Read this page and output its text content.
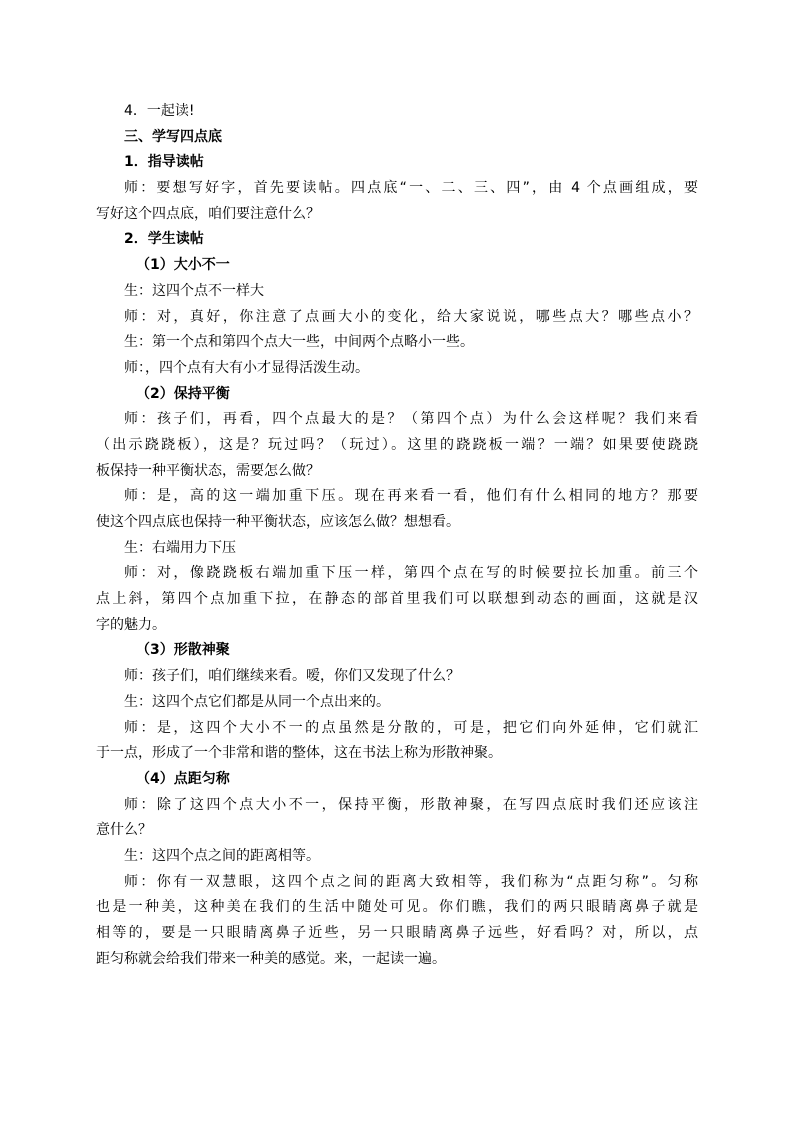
4．一起读!
三、学写四点底
1．指导读帖
师：要想写好字，首先要读帖。四点底“一、二、三、四”，由 4 个点画组成，要
写好这个四点底，咱们要注意什么？
2．学生读帖
（1）大小不一
生：这四个点不一样大
师：对，真好，你注意了点画大小的变化，给大家说说，哪些点大？哪些点小？
生：第一个点和第四个点大一些，中间两个点略小一些。
师：，四个点有大有小才显得活泼生动。
（2）保持平衡
师：孩子们，再看，四个点最大的是？（第四个点）为什么会这样呢？我们来看
（出示跷跷板），这是？玩过吗？（玩过）。这里的跷跷板一端？一端？如果要使跷跷
板保持一种平衡状态，需要怎么做？
师：是，高的这一端加重下压。现在再来看一看，他们有什么相同的地方？那要
使这个四点底也保持一种平衡状态，应该怎么做？想想看。
生：右端用力下压
师：对，像跷跷板右端加重下压一样，第四个点在写的时候要拉长加重。前三个
点上斜，第四个点加重下拉，在静态的部首里我们可以联想到动态的画面，这就是汉
字的魅力。
（3）形散神聚
师：孩子们，咱们继续来看。嗳，你们又发现了什么？
生：这四个点它们都是从同一个点出来的。
师：是，这四个大小不一的点虽然是分散的，可是，把它们向外延伸，它们就汇
于一点，形成了一个非常和谐的整体，这在书法上称为形散神聚。
（4）点距匀称
师：除了这四个点大小不一，保持平衡，形散神聚，在写四点底时我们还应该注
意什么？
生：这四个点之间的距离相等。
师：你有一双慧眼，这四个点之间的距离大致相等，我们称为“点距匀称”。匀称
也是一种美，这种美在我们的生活中随处可见。你们瞧，我们的两只眼睛离鼻子就是
相等的，要是一只眼睛离鼻子近些，另一只眼睛离鼻子远些，好看吗？对，所以，点
距匀称就会给我们带来一种美的感觉。来，一起读一遍。
